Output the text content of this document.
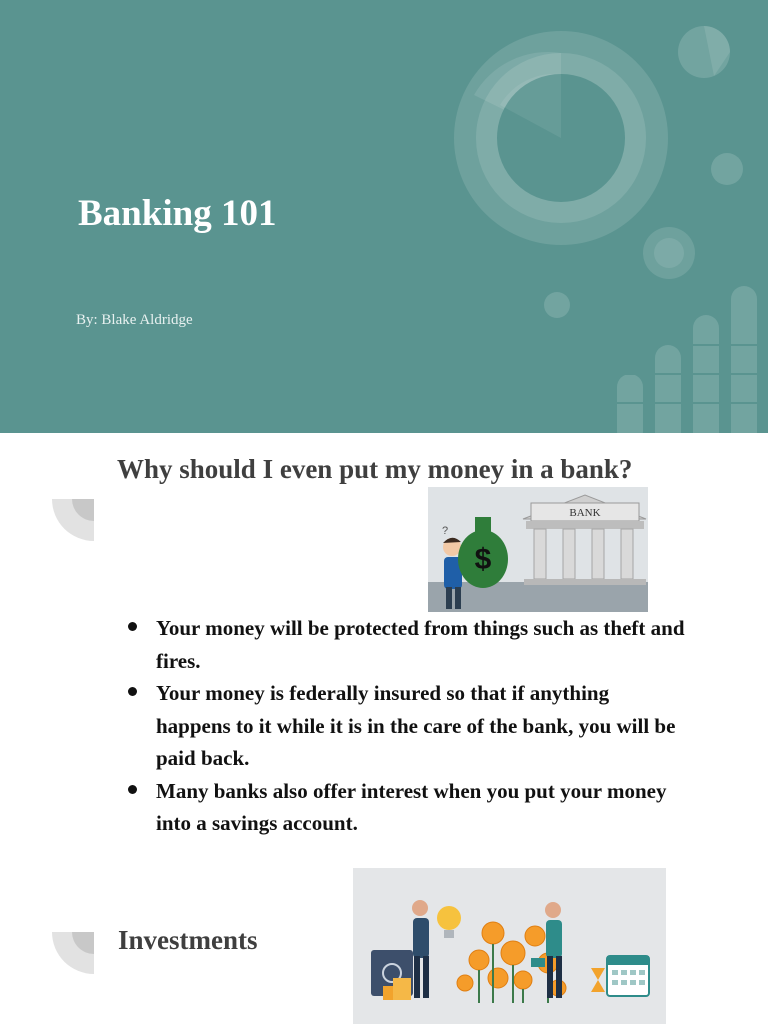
Banking 101
By: Blake Aldridge
Why should I even put my money in a bank?
BANK
$
?
Your money will be protected from things such as theft and fires.
Your money is federally insured so that if anything happens to it while it is in the care of the bank, you will be paid back.
Many banks also offer interest when you put your money into a savings account.
Investments
